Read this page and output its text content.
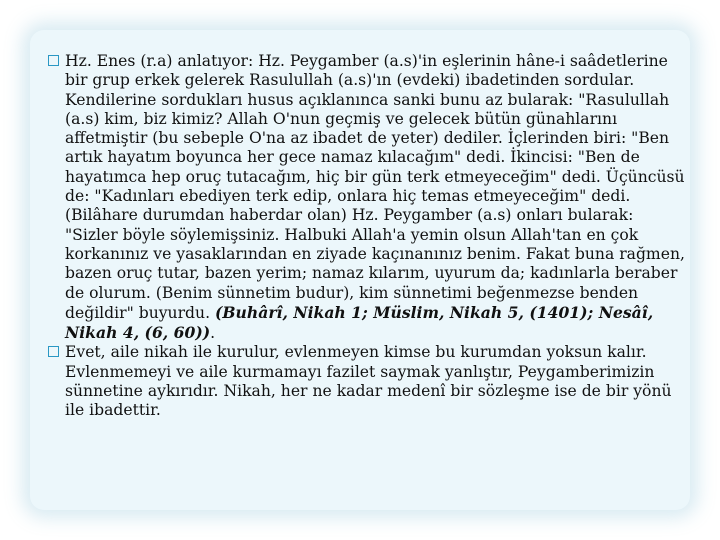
Hz. Enes (r.a) anlatıyor: Hz. Peygamber (a.s)'in eşlerinin hâne-i saâdetlerine bir grup erkek gelerek Rasulullah (a.s)'ın (evdeki) ibadetinden sordular. Kendilerine sordukları husus açıklanınca sanki bunu az bularak: "Rasulullah (a.s) kim, biz kimiz? Allah O'nun geçmiş ve gelecek bütün günahlarını affetmiştir (bu sebeple O'na az ibadet de yeter) dediler. İçlerinden biri: "Ben artık hayatım boyunca her gece namaz kılacağım" dedi. İkincisi: "Ben de hayatımca hep oruç tutacağım, hiç bir gün terk etmeyeceğim" dedi. Üçüncüsü de: "Kadınları ebediyen terk edip, onlara hiç temas etmeyeceğim" dedi. (Bilâhare durumdan haberdar olan) Hz. Peygamber (a.s) onları bularak: "Sizler böyle söylemişsiniz. Halbuki Allah'a yemin olsun Allah'tan en çok korkanınız ve yasaklarından en ziyade kaçınanınız benim. Fakat buna rağmen, bazen oruç tutar, bazen yerim; namaz kılarım, uyurum da; kadınlarla beraber de olurum. (Benim sünnetim budur), kim sünnetimi beğenmezse benden değildir" buyurdu. (Buhârî, Nikah 1; Müslim, Nikah 5, (1401); Nesâî, Nikah 4, (6, 60)).

Evet, aile nikah ile kurulur, evlenmeyen kimse bu kurumdan yoksun kalır. Evlenmemeyi ve aile kurmamayı fazilet saymak yanlıştır, Peygamberimizin sünnetine aykırıdır. Nikah, her ne kadar medenî bir sözleşme ise de bir yönü ile ibadettir.
